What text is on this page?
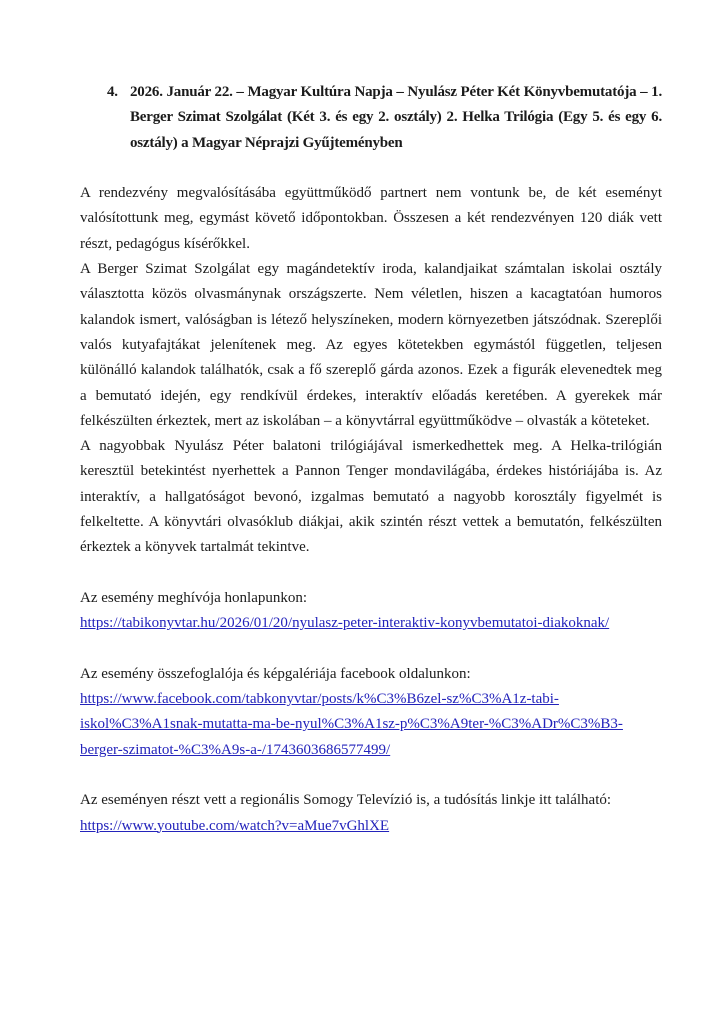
4. 2026. Január 22. – Magyar Kultúra Napja – Nyulász Péter Két Könyvbemutatója – 1. Berger Szimat Szolgálat (Két 3. és egy 2. osztály) 2. Helka Trilógia (Egy 5. és egy 6. osztály) a Magyar Néprajzi Gyűjteményben

A rendezvény megvalósításába együttműködő partnert nem vontunk be, de két eseményt valósítottunk meg, egymást követő időpontokban. Összesen a két rendezvényen 120 diák vett részt, pedagógus kísérőkkel.

A Berger Szimat Szolgálat egy magándetektív iroda, kalandjaikat számtalan iskolai osztály választotta közös olvasmánynak országszerte. Nem véletlen, hiszen a kacagtatóan humoros kalandok ismert, valóságban is létező helyszíneken, modern környezetben játszódnak. Szereplői valós kutyafajtákat jelenítenek meg. Az egyes kötetekben egymástól független, teljesen különálló kalandok találhatók, csak a fő szereplő gárda azonos. Ezek a figurák elevenedtek meg a bemutató idején, egy rendkívül érdekes, interaktív előadás keretében. A gyerekek már felkészülten érkeztek, mert az iskolában – a könyvtárral együttműködve – olvasták a köteteket.

A nagyobbak Nyulász Péter balatoni trilógiájával ismerkedhettek meg. A Helka-trilógián keresztül betekintést nyerhettek a Pannon Tenger mondavilágába, érdekes históriájába is. Az interaktív, a hallgatóságot bevonó, izgalmas bemutató a nagyobb korosztály figyelmét is felkeltette. A könyvtári olvasóklub diákjai, akik szintén részt vettek a bemutatón, felkészülten érkeztek a könyvek tartalmát tekintve.

Az esemény meghívója honlapunkon:

https://tabikonyvtar.hu/2026/01/20/nyulasz-peter-interaktiv-konyvbemutatoi-diakoknak/

Az esemény összefoglalója és képgalériája facebook oldalunkon:

https://www.facebook.com/tabkonyvtar/posts/k%C3%B6zel-sz%C3%A1z-tabi-iskol%C3%A1snak-mutatta-ma-be-nyul%C3%A1sz-p%C3%A9ter-%C3%ADr%C3%B3-berger-szimatot-%C3%A9s-a-/1743603686577499/

Az eseményen részt vett a regionális Somogy Televízió is, a tudósítás linkje itt található:

https://www.youtube.com/watch?v=aMue7vGhlXE
